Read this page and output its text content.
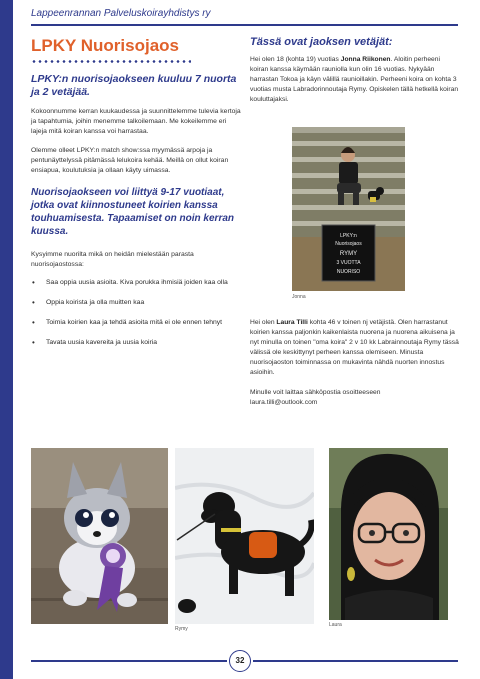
Lappeenrannan Palveluskoirayhdistys ry
LPKY Nuorisojaos
LPKY:n nuorisojaokseen kuuluu 7 nuorta ja 2 vetäjää.

Kokoonnumme kerran kuukaudessa ja suunnittelemme tulevia kertoja ja tapahtumia, joihin menemme talkoilemaan. Me kokeilemme eri lajeja mitä koiran kanssa voi harrastaa.

Olemme olleet LPKY:n match show:ssa myymässä arpoja ja pentunäyttelyssä pitämässä lelukoira kehää. Meillä on ollut koiran ensiapua, koulutuksia ja ollaan käyty uimassa.

Nuorisojaokseen voi liittyä 9-17 vuotiaat, jotka ovat kiinnostuneet koirien kanssa touhuamisesta. Tapaamiset on noin kerran kuussa.

Kysyimme nuorilta mikä on heidän mielestään parasta nuorisojaostossa:

• Saa oppia uusia asioita. Kiva porukka ihmisiä joiden kaa olla
• Oppia koirista ja olla muitten kaa
• Toimia koirien kaa ja tehdä asioita mitä ei ole ennen tehnyt
• Tavata uusia kavereita ja uusia koiria
Tässä ovat jaoksen vetäjät:

Hei olen 18 (kohta 19) vuotias Jonna Riikonen. Aloitin perheeni koiran kanssa käymään rauniolla kun olin 16 vuotias. Nykyään harrastan Tokoa ja käyn välillä raunioillakin. Perheeni koira on kohta 3 vuotias musta Labradorinnoutaja Rymy. Opiskelen tällä hetkellä koiran kouluttajaksi.

LPKY:n
Nuorisojaos
RYMY
3 VUOTTA
NUORISO
Jonna

Hei olen Laura Tilli kohta 46 v toinen nj vetäjistä. Olen harrastanut koirien kanssa paljonkin kaikenlaista nuorena ja nuorena aikuisena ja nyt minulla on toinen "oma koira" 2 v 10 kk Labrainnoutaja Rymy tässä välissä ole keskittynyt perheen kanssa olemiseen. Minusta nuorisojaoston toiminnassa on mukavinta nähdä nuorten innostus asioihin.

Minulle voit laittaa sähköpostia osoitteeseen

laura.tilli@outlook.com

Rymy
Laura
32
